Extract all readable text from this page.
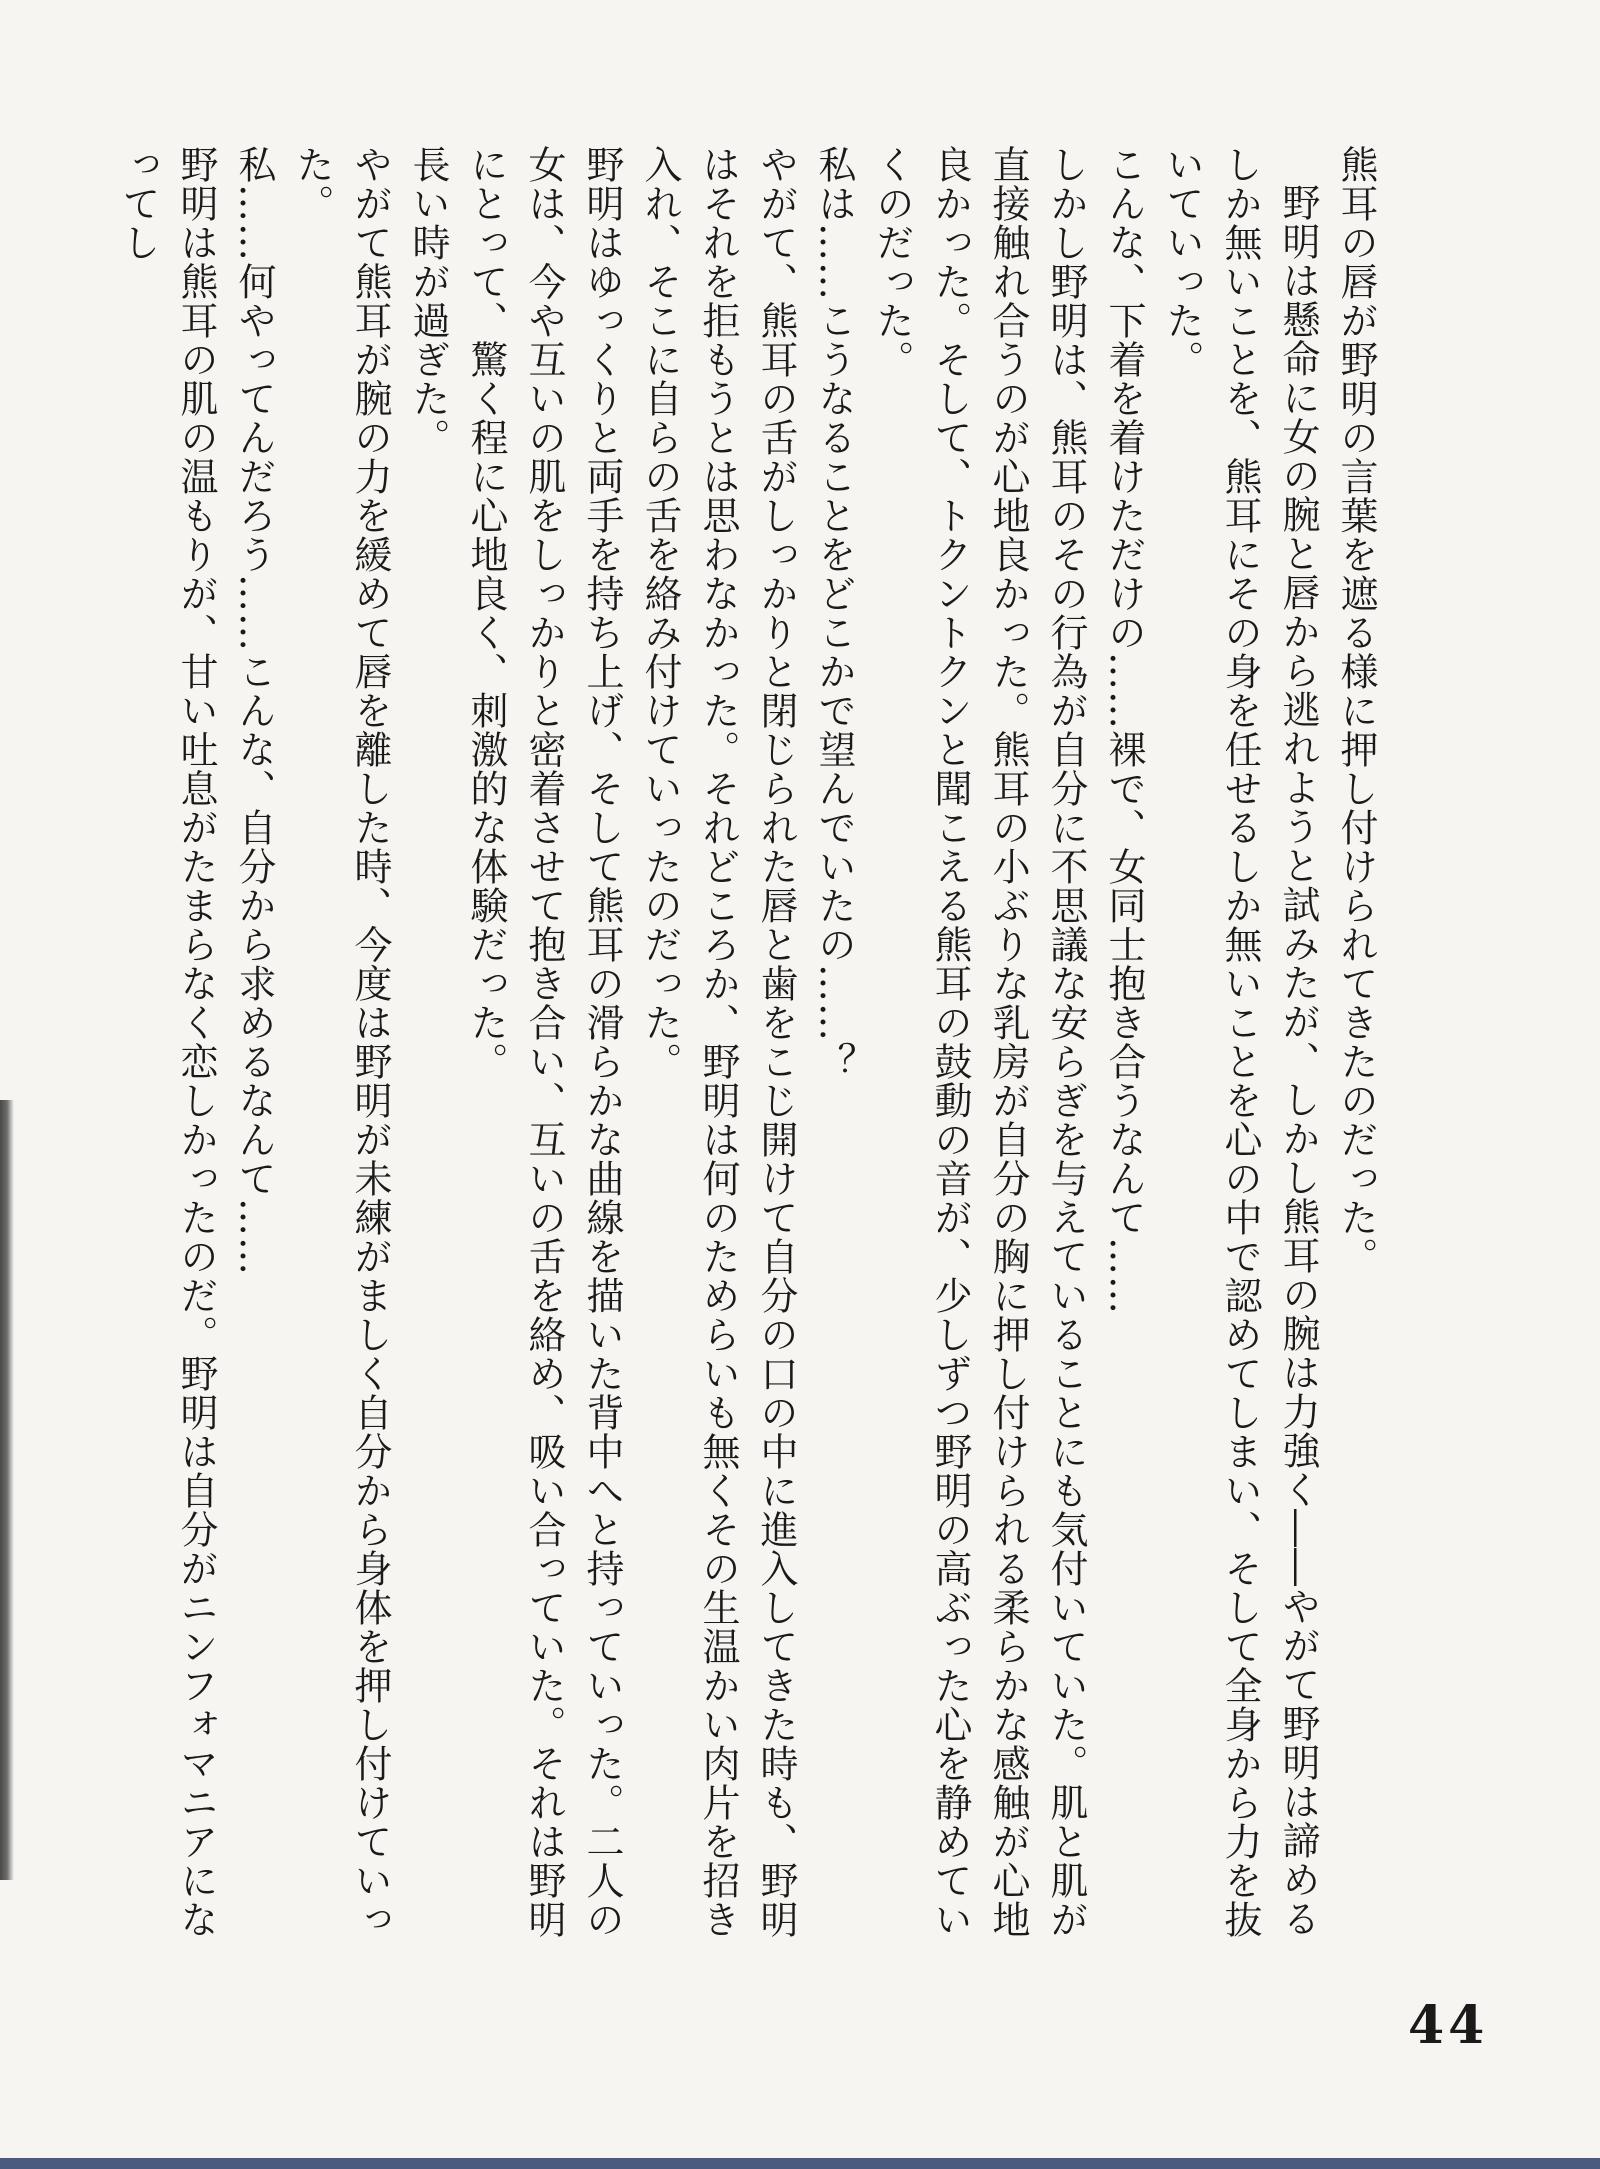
熊耳の唇が野明の言葉を遮る様に押し付けられてきたのだった。

野明は懸命に女の腕と唇から逃れようと試みたが、しかし熊耳の腕は力強く――やがて野明は諦めるしか無いことを、熊耳にその身を任せるしか無いことを心の中で認めてしまい、そして全身から力を抜いていった。

こんな、下着を着けただけの……裸で、女同士抱き合うなんて……

しかし野明は、熊耳のその行為が自分に不思議な安らぎを与えていることにも気付いていた。肌と肌が直接触れ合うのが心地良かった。熊耳の小ぶりな乳房が自分の胸に押し付けられる柔らかな感触が心地良かった。そして、トクントクンと聞こえる熊耳の鼓動の音が、少しずつ野明の高ぶった心を静めていくのだった。

私は……こうなることをどこかで望んでいたの……？

やがて、熊耳の舌がしっかりと閉じられた唇と歯をこじ開けて自分の口の中に進入してきた時も、野明はそれを拒もうとは思わなかった。それどころか、野明は何のためらいも無くその生温かい肉片を招き入れ、そこに自らの舌を絡み付けていったのだった。

野明はゆっくりと両手を持ち上げ、そして熊耳の滑らかな曲線を描いた背中へと持っていった。二人の女は、今や互いの肌をしっかりと密着させて抱き合い、互いの舌を絡め、吸い合っていた。それは野明にとって、驚く程に心地良く、刺激的な体験だった。

長い時が過ぎた。

やがて熊耳が腕の力を緩めて唇を離した時、今度は野明が未練がましく自分から身体を押し付けていった。

私……何やってんだろう……こんな、自分から求めるなんて……

野明は熊耳の肌の温もりが、甘い吐息がたまらなく恋しかったのだ。野明は自分がニンフォマニアになってし

44
